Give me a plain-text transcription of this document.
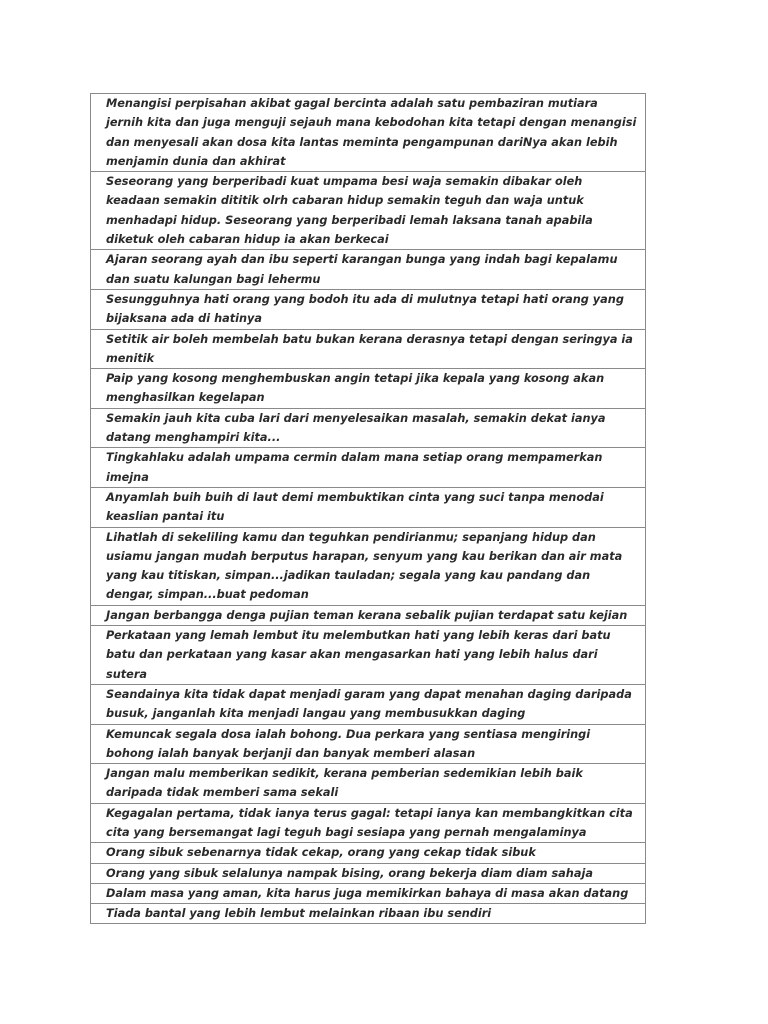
Menangisi perpisahan akibat gagal bercinta adalah satu pembaziran mutiara jernih kita dan juga menguji sejauh mana kebodohan kita tetapi dengan menangisi dan menyesali akan dosa kita lantas meminta pengampunan dariNya akan lebih menjamin dunia dan akhirat
Seseorang yang berperibadi kuat umpama besi waja semakin dibakar oleh keadaan semakin dititik olrh cabaran hidup semakin teguh dan waja untuk menhadapi hidup. Seseorang yang berperibadi lemah laksana tanah apabila diketuk oleh cabaran hidup ia akan berkecai
Ajaran seorang ayah dan ibu seperti karangan bunga yang indah bagi kepalamu dan suatu kalungan bagi lehermu
Sesungguhnya hati orang yang bodoh itu ada di mulutnya tetapi hati orang yang bijaksana ada di hatinya
Setitik air boleh membelah batu bukan kerana derasnya tetapi dengan seringya ia menitik
Paip yang kosong menghembuskan angin tetapi jika kepala yang kosong akan menghasilkan kegelapan
Semakin jauh kita cuba lari dari menyelesaikan masalah, semakin dekat ianya datang menghampiri kita...
Tingkahlaku adalah umpama cermin dalam mana setiap orang mempamerkan imejna
Anyamlah buih buih di laut demi membuktikan cinta yang suci tanpa menodai keaslian pantai itu
Lihatlah di sekeliling kamu dan teguhkan pendirianmu; sepanjang hidup dan usiamu jangan mudah berputus harapan, senyum yang kau berikan dan air mata yang kau titiskan, simpan...jadikan tauladan; segala yang kau pandang dan dengar, simpan...buat pedoman
Jangan berbangga denga pujian teman kerana sebalik pujian terdapat satu kejian
Perkataan yang lemah lembut itu melembutkan hati yang lebih keras dari batu batu dan perkataan yang kasar akan mengasarkan hati yang lebih halus dari sutera
Seandainya kita tidak dapat menjadi garam yang dapat menahan daging daripada busuk, janganlah kita menjadi langau yang membusukkan daging
Kemuncak segala dosa ialah bohong. Dua perkara yang sentiasa mengiringi bohong ialah banyak berjanji dan banyak memberi alasan
Jangan malu memberikan sedikit, kerana pemberian sedemikian lebih baik daripada tidak memberi sama sekali
Kegagalan pertama, tidak ianya terus gagal: tetapi ianya kan membangkitkan cita cita yang bersemangat lagi teguh bagi sesiapa yang pernah mengalaminya
Orang sibuk sebenarnya tidak cekap, orang yang cekap tidak sibuk
Orang yang sibuk selalunya nampak bising, orang bekerja diam diam sahaja
Dalam masa yang aman, kita harus juga memikirkan bahaya di masa akan datang
Tiada bantal yang lebih lembut melainkan ribaan ibu sendiri
